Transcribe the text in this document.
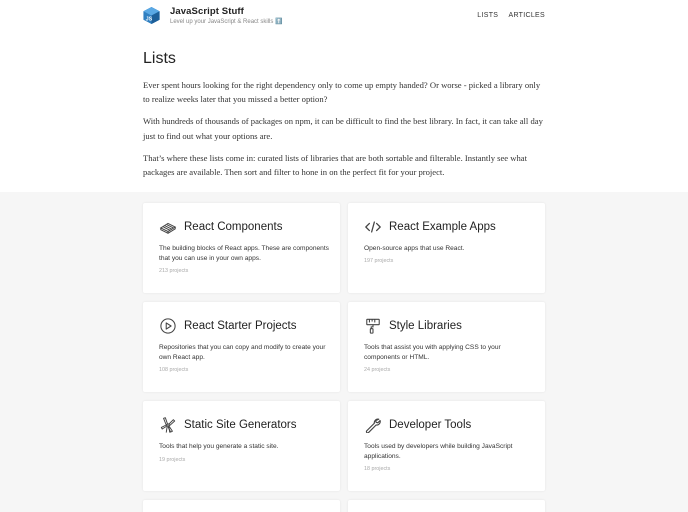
JS
JavaScript Stuff
Level up your JavaScript & React skills ⬆️
LISTS ARTICLES
Lists

Ever spent hours looking for the right dependency only to come up empty handed? Or worse - picked a library only to realize weeks later that you missed a better option?

With hundreds of thousands of packages on npm, it can be difficult to find the best library. In fact, it can take all day just to find out what your options are.

That’s where these lists come in: curated lists of libraries that are both sortable and filterable. Instantly see what packages are available. Then sort and filter to hone in on the perfect fit for your project.

React Components
The building blocks of React apps. These are components that you can use in your own apps.
213 projects
React Example Apps
Open-source apps that use React.
197 projects
React Starter Projects
Repositories that you can copy and modify to create your own React app.
108 projects
Style Libraries
Tools that assist you with applying CSS to your components or HTML.
24 projects
Static Site Generators
Tools that help you generate a static site.
19 projects
Developer Tools
Tools used by developers while building JavaScript applications.
18 projects
